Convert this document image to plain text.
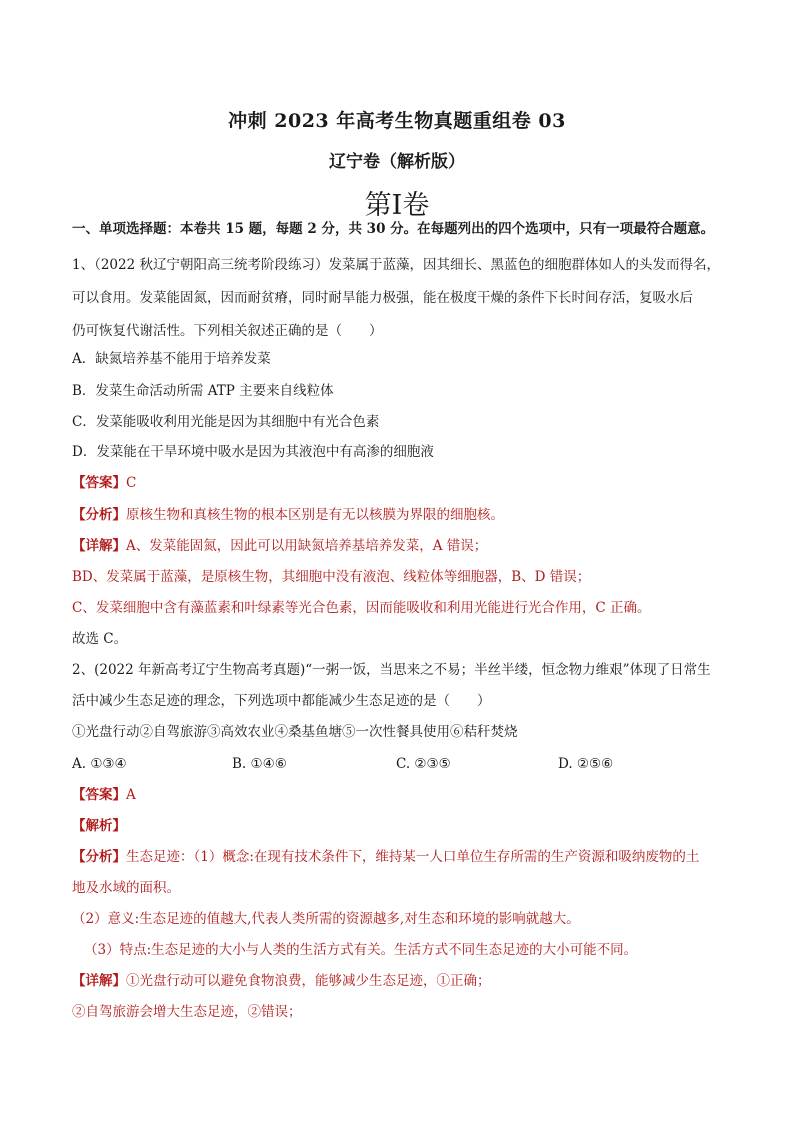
冲刺 2023 年高考生物真题重组卷 03
辽宁卷（解析版）
第Ⅰ卷
一、单项选择题：本卷共 15 题，每题 2 分，共 30 分。在每题列出的四个选项中，只有一项最符合题意。
1、（2022 秋辽宁朝阳高三统考阶段练习）发菜属于蓝藻，因其细长、黑蓝色的细胞群体如人的头发而得名，
可以食用。发菜能固氮，因而耐贫瘠，同时耐旱能力极强，能在极度干燥的条件下长时间存活，复吸水后
仍可恢复代谢活性。下列相关叙述正确的是（　　）
A．缺氮培养基不能用于培养发菜
B．发菜生命活动所需 ATP 主要来自线粒体
C．发菜能吸收利用光能是因为其细胞中有光合色素
D．发菜能在干旱环境中吸水是因为其液泡中有高渗的细胞液
【答案】C
【分析】原核生物和真核生物的根本区别是有无以核膜为界限的细胞核。
【详解】A、发菜能固氮，因此可以用缺氮培养基培养发菜，A 错误；
BD、发菜属于蓝藻，是原核生物，其细胞中没有液泡、线粒体等细胞器，B、D 错误；
C、发菜细胞中含有藻蓝素和叶绿素等光合色素，因而能吸收和利用光能进行光合作用，C 正确。
故选 C。
2、(2022 年新高考辽宁生物高考真题)“一粥一饭，当思来之不易；半丝半缕，恒念物力维艰”体现了日常生
活中减少生态足迹的理念，下列选项中都能减少生态足迹的是（　　）
①光盘行动②自驾旅游③高效农业④桑基鱼塘⑤一次性餐具使用⑥秸秆焚烧
A. ①③④	B. ①④⑥	C. ②③⑤	D. ②⑤⑥
【答案】A
【解析】
【分析】生态足迹：（1）概念:在现有技术条件下，维持某一人口单位生存所需的生产资源和吸纳废物的土
地及水域的面积。
（2）意义:生态足迹的值越大,代表人类所需的资源越多,对生态和环境的影响就越大。
（3）特点:生态足迹的大小与人类的生活方式有关。生活方式不同生态足迹的大小可能不同。
【详解】①光盘行动可以避免食物浪费，能够减少生态足迹，①正确；
②自驾旅游会增大生态足迹，②错误；
